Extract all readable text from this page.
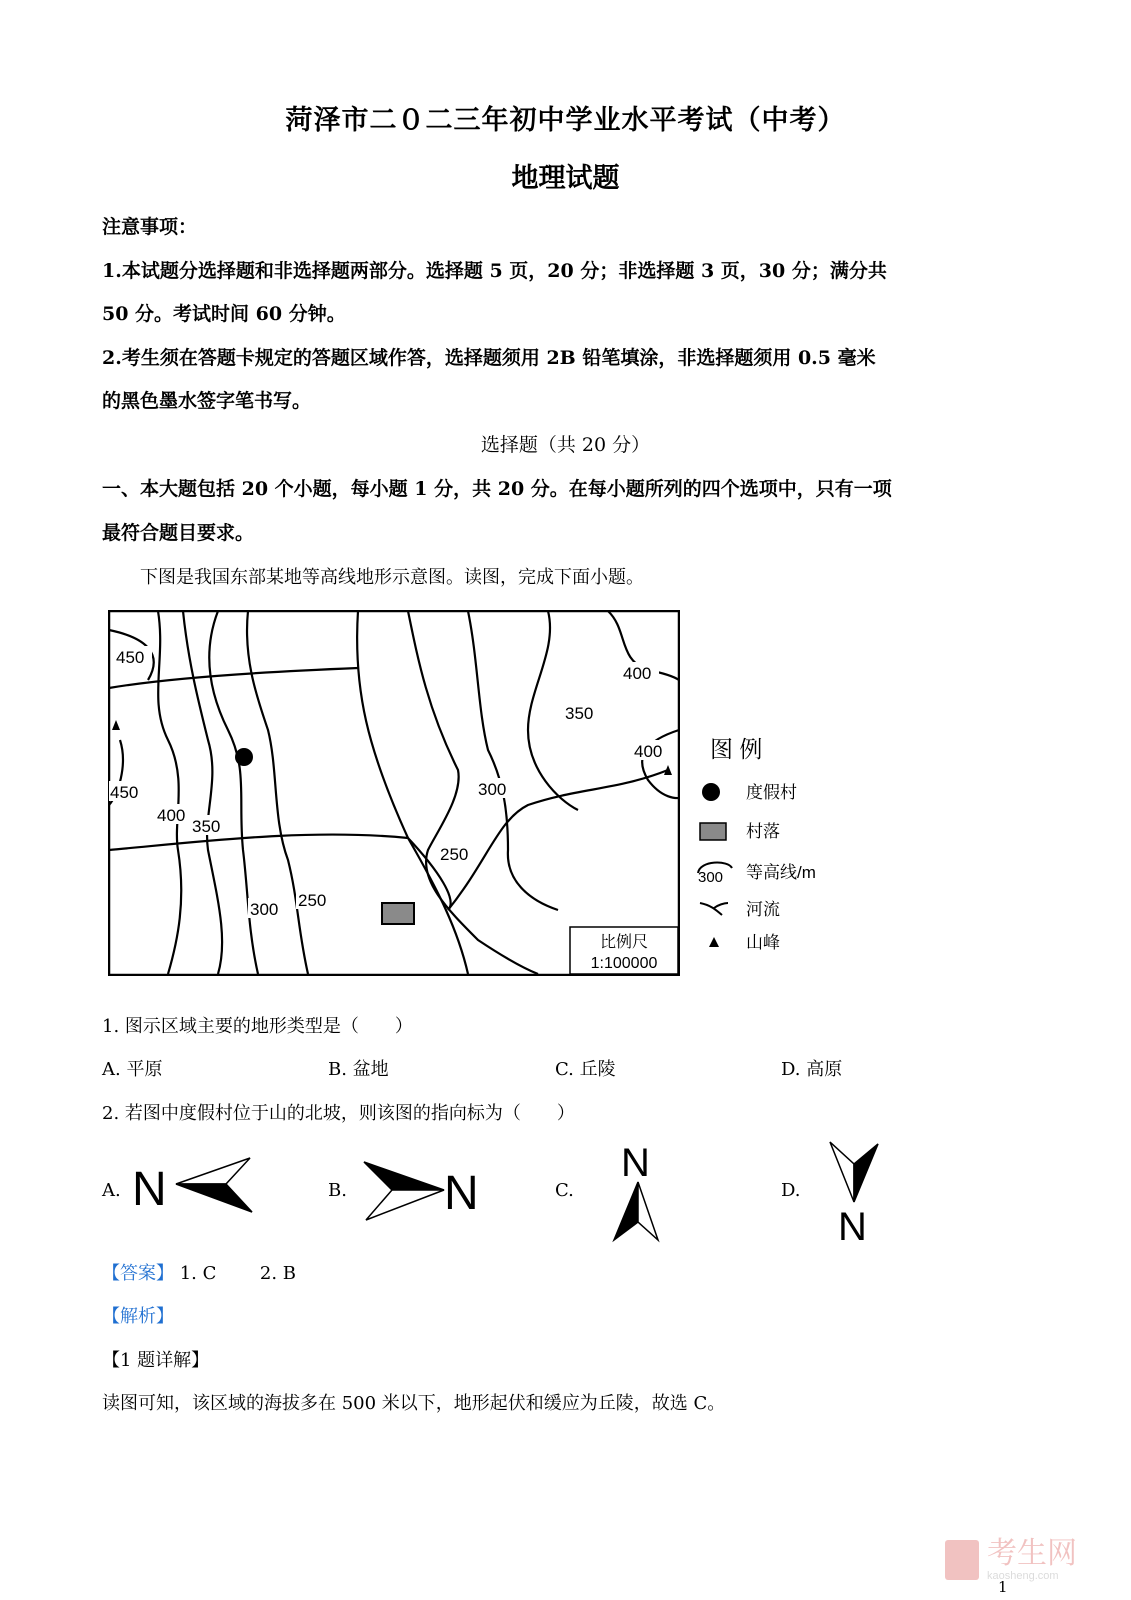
菏泽市二０二三年初中学业水平考试（中考）
地理试题
注意事项：
1.本试题分选择题和非选择题两部分。选择题 5 页，20 分；非选择题 3 页，30 分；满分共
50 分。考试时间 60 分钟。
2.考生须在答题卡规定的答题区域作答，选择题须用 2B 铅笔填涂，非选择题须用 0.5 毫米
的黑色墨水签字笔书写。
选择题（共 20 分）
一、本大题包括 20 个小题，每小题 1 分，共 20 分。在每小题所列的四个选项中，只有一项
最符合题目要求。
下图是我国东部某地等高线地形示意图。读图，完成下面小题。
450
450
400
350
400
350
400
300
250
300 250
比例尺
1:100000
图 例
度假村
村落
300 等高线/m
河流
山峰
1. 图示区域主要的地形类型是（　　）
A. 平原	B. 盆地	C. 丘陵	D. 高原
2. 若图中度假村位于山的北坡，则该图的指向标为（　　）
A.	B.	C.	D.
N	N
N
N
【答案】 1. C 2. B
【解析】
【1 题详解】
读图可知，该区域的海拔多在 500 米以下，地形起伏和缓应为丘陵，故选 C。
考生网
kaosheng.com
1
